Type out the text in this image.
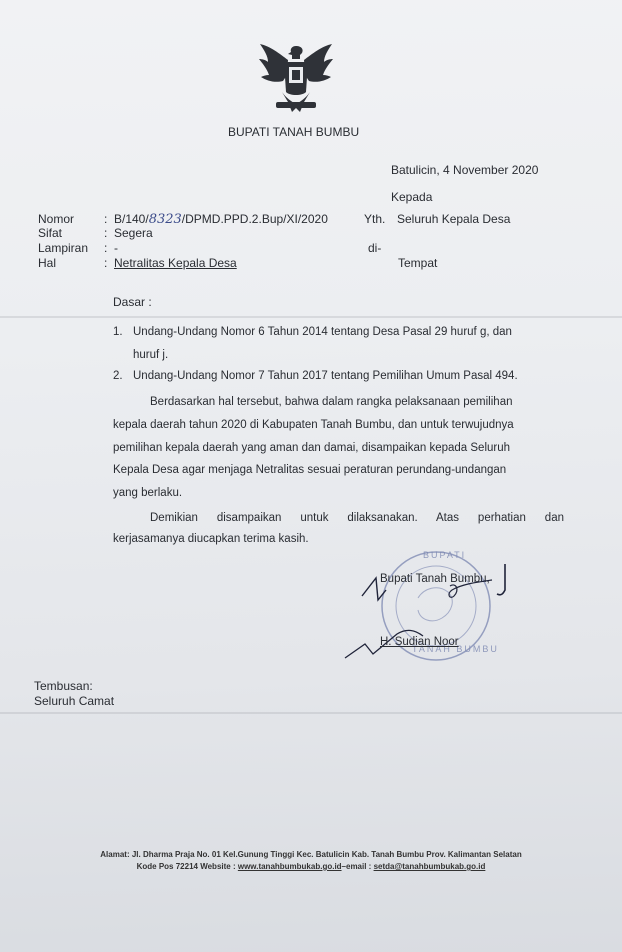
BUPATI TANAH BUMBU
Batulicin, 4 November 2020
Kepada
Nomor : B/140/8323/DPMD.PPD.2.Bup/XI/2020	Yth. Seluruh Kepala Desa
Sifat	: Segera
Lampiran : -	di-
Hal	: Netralitas Kepala Desa	Tempat
Dasar :
1. Undang-Undang Nomor 6 Tahun 2014 tentang Desa Pasal 29 huruf g, dan
huruf j.
2. Undang-Undang Nomor 7 Tahun 2017 tentang Pemilihan Umum Pasal 494.
Berdasarkan hal tersebut, bahwa dalam rangka pelaksanaan pemilihan
kepala daerah tahun 2020 di Kabupaten Tanah Bumbu, dan untuk terwujudnya
pemilihan kepala daerah yang aman dan damai, disampaikan kepada Seluruh
Kepala Desa agar menjaga Netralitas sesuai peraturan perundang-undangan
yang berlaku.
Demikian disampaikan untuk dilaksanakan. Atas perhatian dan
kerjasamanya diucapkan terima kasih.
BUPATI
TANAH BUMBU
Bupati Tanah Bumbu,
H. Sudian Noor
Tembusan:
Seluruh Camat
Alamat: Jl. Dharma Praja No. 01 Kel.Gunung Tinggi Kec. Batulicin Kab. Tanah Bumbu Prov. Kalimantan Selatan
Kode Pos 72214 Website : www.tanahbumbukab.go.id–email : setda@tanahbumbukab.go.id
